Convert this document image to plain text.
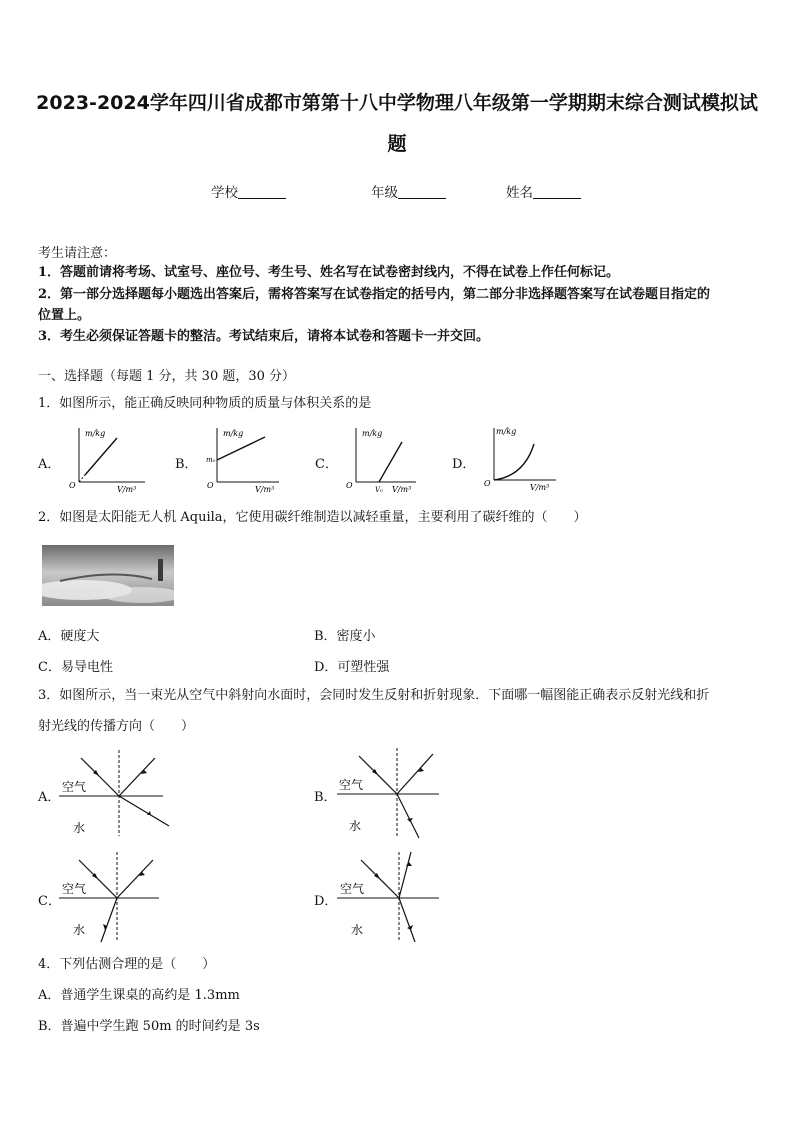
2023-2024学年四川省成都市第第十八中学物理八年级第一学期期末综合测试模拟试
题
学校	年级	姓名
考生请注意：
1．答题前请将考场、试室号、座位号、考生号、姓名写在试卷密封线内，不得在试卷上作任何标记。
2．第一部分选择题每小题选出答案后，需将答案写在试卷指定的括号内，第二部分非选择题答案写在试卷题目指定的
位置上。
3．考生必须保证答题卡的整洁。考试结束后，请将本试卷和答题卡一并交回。
一、选择题（每题 1 分，共 30 题，30 分）
1．如图所示，能正确反映同种物质的质量与体积关系的是
A．
m/kg
V/m³
O
B．
m/kg
m₀
V/m³
O
C．
m/kg
V₀ V/m³
O
D．
m/kg
V/m³
O
2．如图是太阳能无人机 Aquila，它使用碳纤维制造以减轻重量，主要利用了碳纤维的（　　）
A．硬度大	B．密度小
C．易导电性	D．可塑性强
3．如图所示，当一束光从空气中斜射向水面时，会同时发生反射和折射现象．下面哪一幅图能正确表示反射光线和折
射光线的传播方向（　　）
A．
空气
水
B．
空气
水
C．
空气
水
D．
空气
水
4．下列估测合理的是（　　）
A．普通学生课桌的高约是 1.3mm
B．普遍中学生跑 50m 的时间约是 3s
